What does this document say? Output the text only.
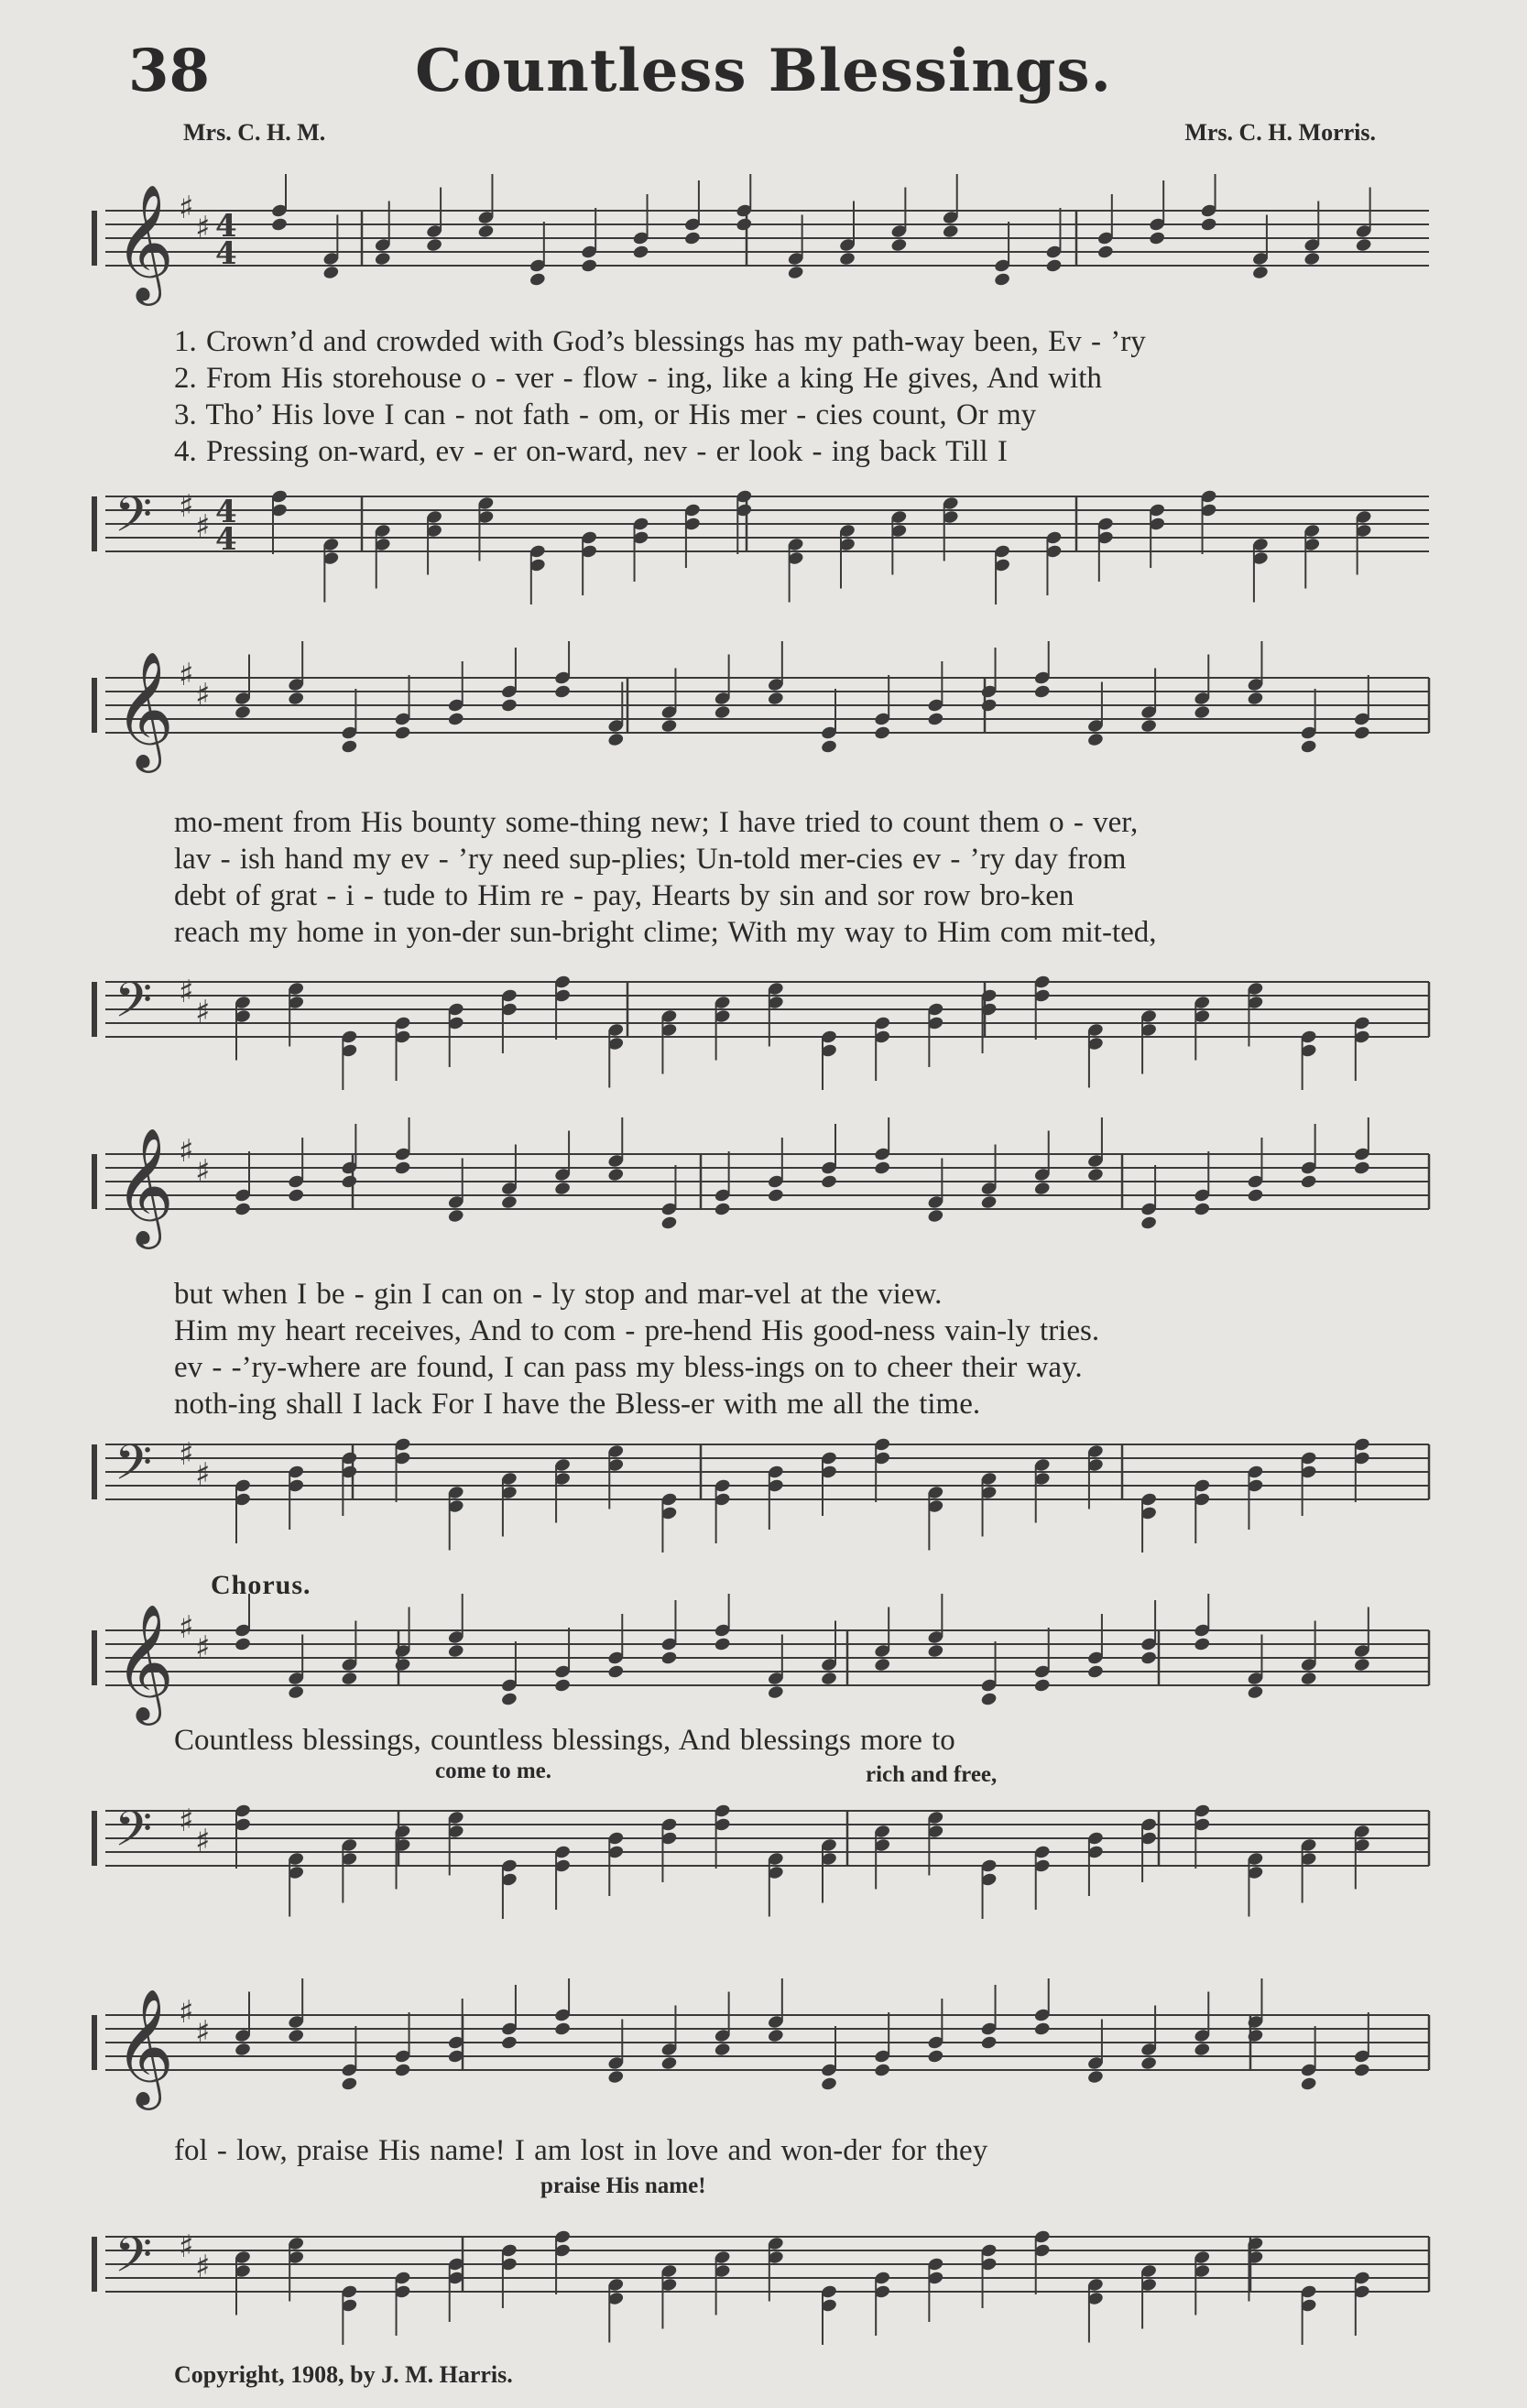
38	Countless Blessings.
Mrs. C. H. M.	Mrs. C. H. Morris.
𝄞 ♯
♯ 4
4
1. Crown’d and crowded with God’s blessings has my path-way been, Ev - ’ry
2. From His storehouse o - ver - flow - ing, like a king He gives, And with
3. Tho’ His love I can - not fath - om, or His mer - cies count, Or my
4. Pressing on-ward, ev - er on-ward, nev - er look - ing back Till I
𝄢 ♯
♯ 4
4
𝄞 ♯
♯
mo-ment from His bounty some-thing new; I have tried to count them o - ver,
lav - ish hand my ev - ’ry need sup-plies; Un-told mer-cies ev - ’ry day from
debt of grat - i - tude to Him re - pay, Hearts by sin and sor row bro-ken
reach my home in yon-der sun-bright clime; With my way to Him com mit-ted,
𝄢 ♯
♯
𝄞 ♯
♯
but when I be - gin I can on - ly stop and mar-vel at the view.
Him my heart receives, And to com - pre-hend His good-ness vain-ly tries.
ev - -’ry-where are found, I can pass my bless-ings on to cheer their way.
noth-ing shall I lack For I have the Bless-er with me all the time.
𝄢 ♯
♯
Chorus.
𝄞 ♯
♯
Countless blessings, countless blessings, And blessings more to
come to me.	rich and free,
𝄢 ♯
♯
𝄞 ♯
♯
fol - low, praise His name! I am lost in love and won-der for they
praise His name!
𝄢 ♯
♯
Copyright, 1908, by J. M. Harris.
